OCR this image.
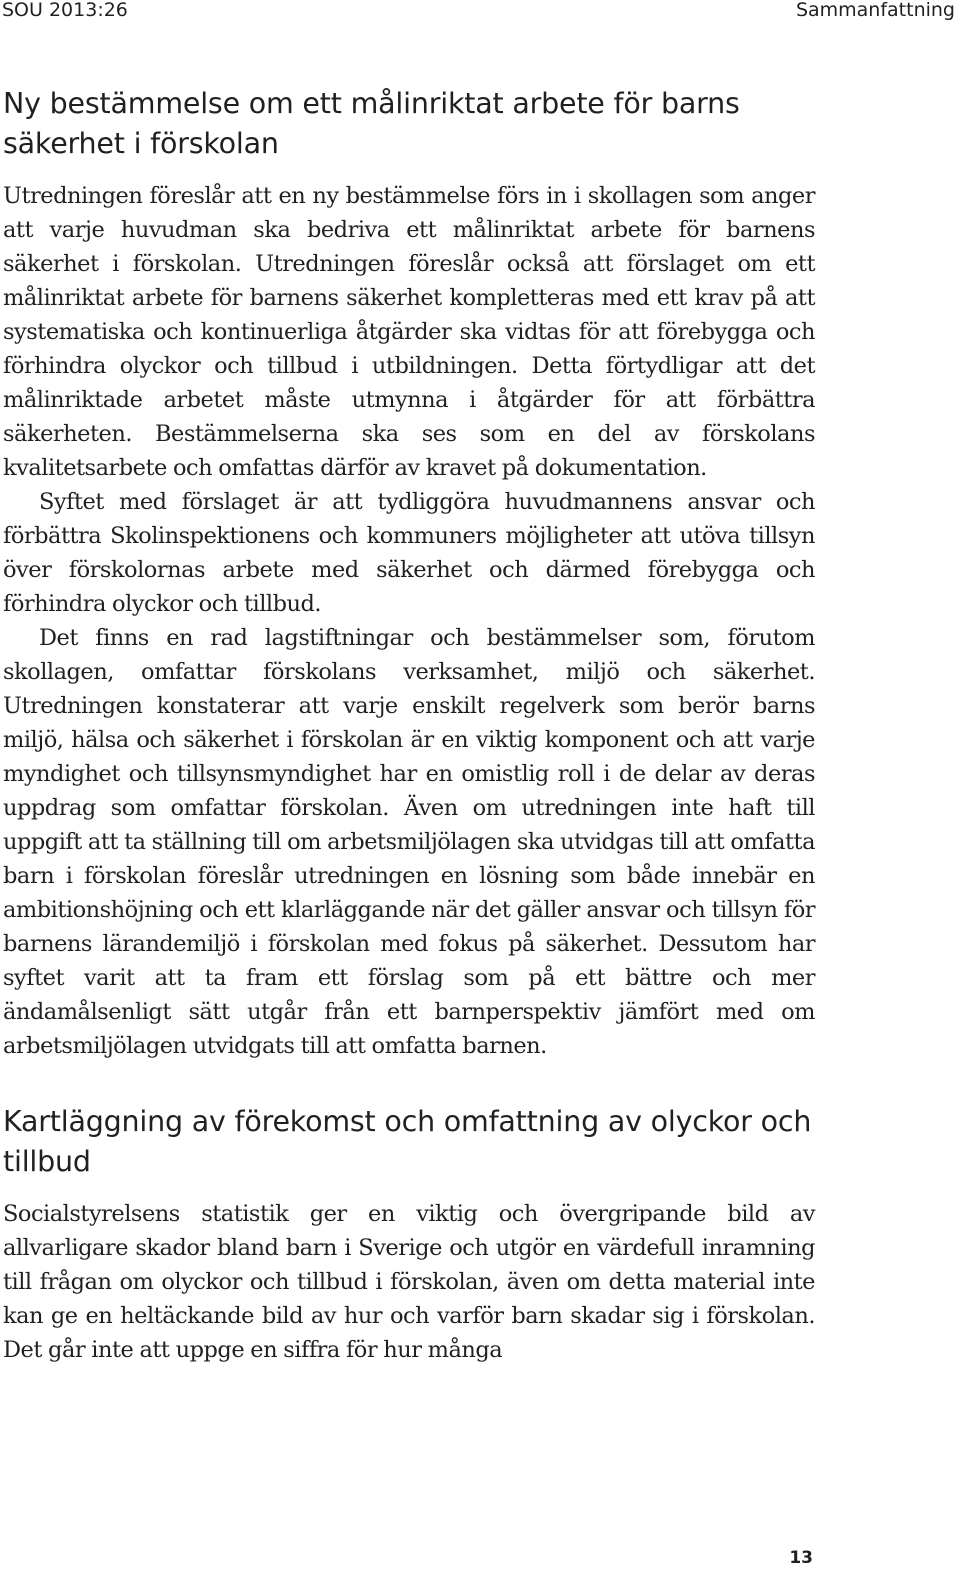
SOU 2013:26	Sammanfattning
Ny bestämmelse om ett målinriktat arbete för barns säkerhet i förskolan

Utredningen föreslår att en ny bestämmelse förs in i skollagen som anger att varje huvudman ska bedriva ett målinriktat arbete för barnens säkerhet i förskolan. Utredningen föreslår också att förslaget om ett målinriktat arbete för barnens säkerhet kompletteras med ett krav på att systematiska och kontinuerliga åtgärder ska vidtas för att förebygga och förhindra olyckor och tillbud i utbildningen. Detta förtydligar att det målinriktade arbetet måste utmynna i åtgärder för att förbättra säkerheten. Bestämmelserna ska ses som en del av förskolans kvalitetsarbete och omfattas därför av kravet på dokumentation.

Syftet med förslaget är att tydliggöra huvudmannens ansvar och förbättra Skolinspektionens och kommuners möjligheter att utöva tillsyn över förskolornas arbete med säkerhet och därmed förebygga och förhindra olyckor och tillbud.

Det finns en rad lagstiftningar och bestämmelser som, förutom skollagen, omfattar förskolans verksamhet, miljö och säkerhet. Utredningen konstaterar att varje enskilt regelverk som berör barns miljö, hälsa och säkerhet i förskolan är en viktig komponent och att varje myndighet och tillsynsmyndighet har en omistlig roll i de delar av deras uppdrag som omfattar förskolan. Även om utredningen inte haft till uppgift att ta ställning till om arbetsmiljölagen ska utvidgas till att omfatta barn i förskolan föreslår utredningen en lösning som både innebär en ambitionshöjning och ett klarläggande när det gäller ansvar och tillsyn för barnens lärandemiljö i förskolan med fokus på säkerhet. Dessutom har syftet varit att ta fram ett förslag som på ett bättre och mer ändamålsenligt sätt utgår från ett barnperspektiv jämfört med om arbetsmiljölagen utvidgats till att omfatta barnen.

Kartläggning av förekomst och omfattning av olyckor och tillbud

Socialstyrelsens statistik ger en viktig och övergripande bild av allvarligare skador bland barn i Sverige och utgör en värdefull inramning till frågan om olyckor och tillbud i förskolan, även om detta material inte kan ge en heltäckande bild av hur och varför barn skadar sig i förskolan. Det går inte att uppge en siffra för hur många

13
